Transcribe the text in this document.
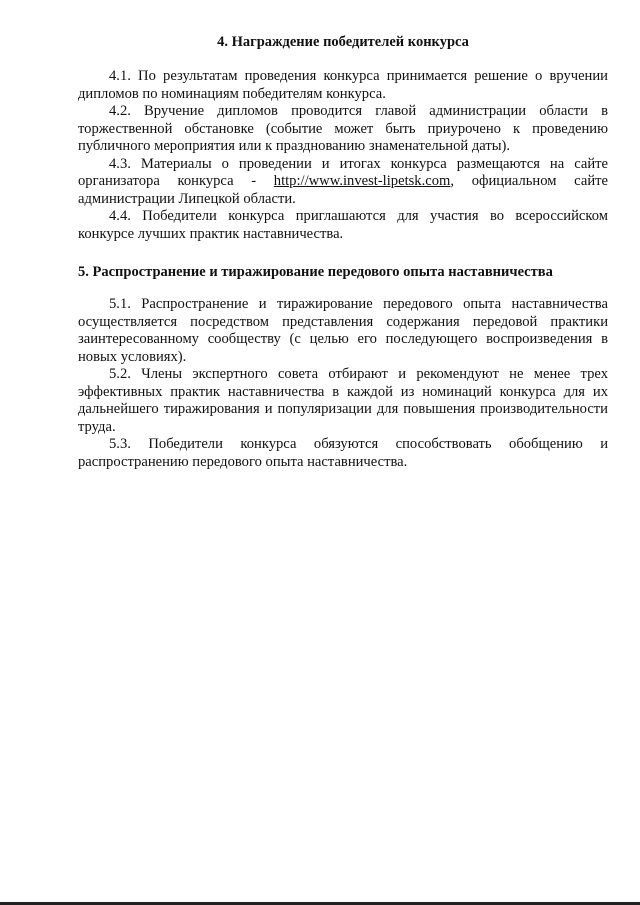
4. Награждение победителей конкурса

4.1. По результатам проведения конкурса принимается решение о вручении дипломов по номинациям победителям конкурса.

4.2. Вручение дипломов проводится главой администрации области в торжественной обстановке (событие может быть приурочено к проведению публичного мероприятия или к празднованию знаменательной даты).

4.3. Материалы о проведении и итогах конкурса размещаются на сайте организатора конкурса - http://www.invest-lipetsk.com, официальном сайте администрации Липецкой области.

4.4. Победители конкурса приглашаются для участия во всероссийском конкурсе лучших практик наставничества.

5. Распространение и тиражирование передового опыта наставничества

5.1. Распространение и тиражирование передового опыта наставничества осуществляется посредством представления содержания передовой практики заинтересованному сообществу (с целью его последующего воспроизведения в новых условиях).

5.2. Члены экспертного совета отбирают и рекомендуют не менее трех эффективных практик наставничества в каждой из номинаций конкурса для их дальнейшего тиражирования и популяризации для повышения производительности труда.

5.3. Победители конкурса обязуются способствовать обобщению и распространению передового опыта наставничества.
